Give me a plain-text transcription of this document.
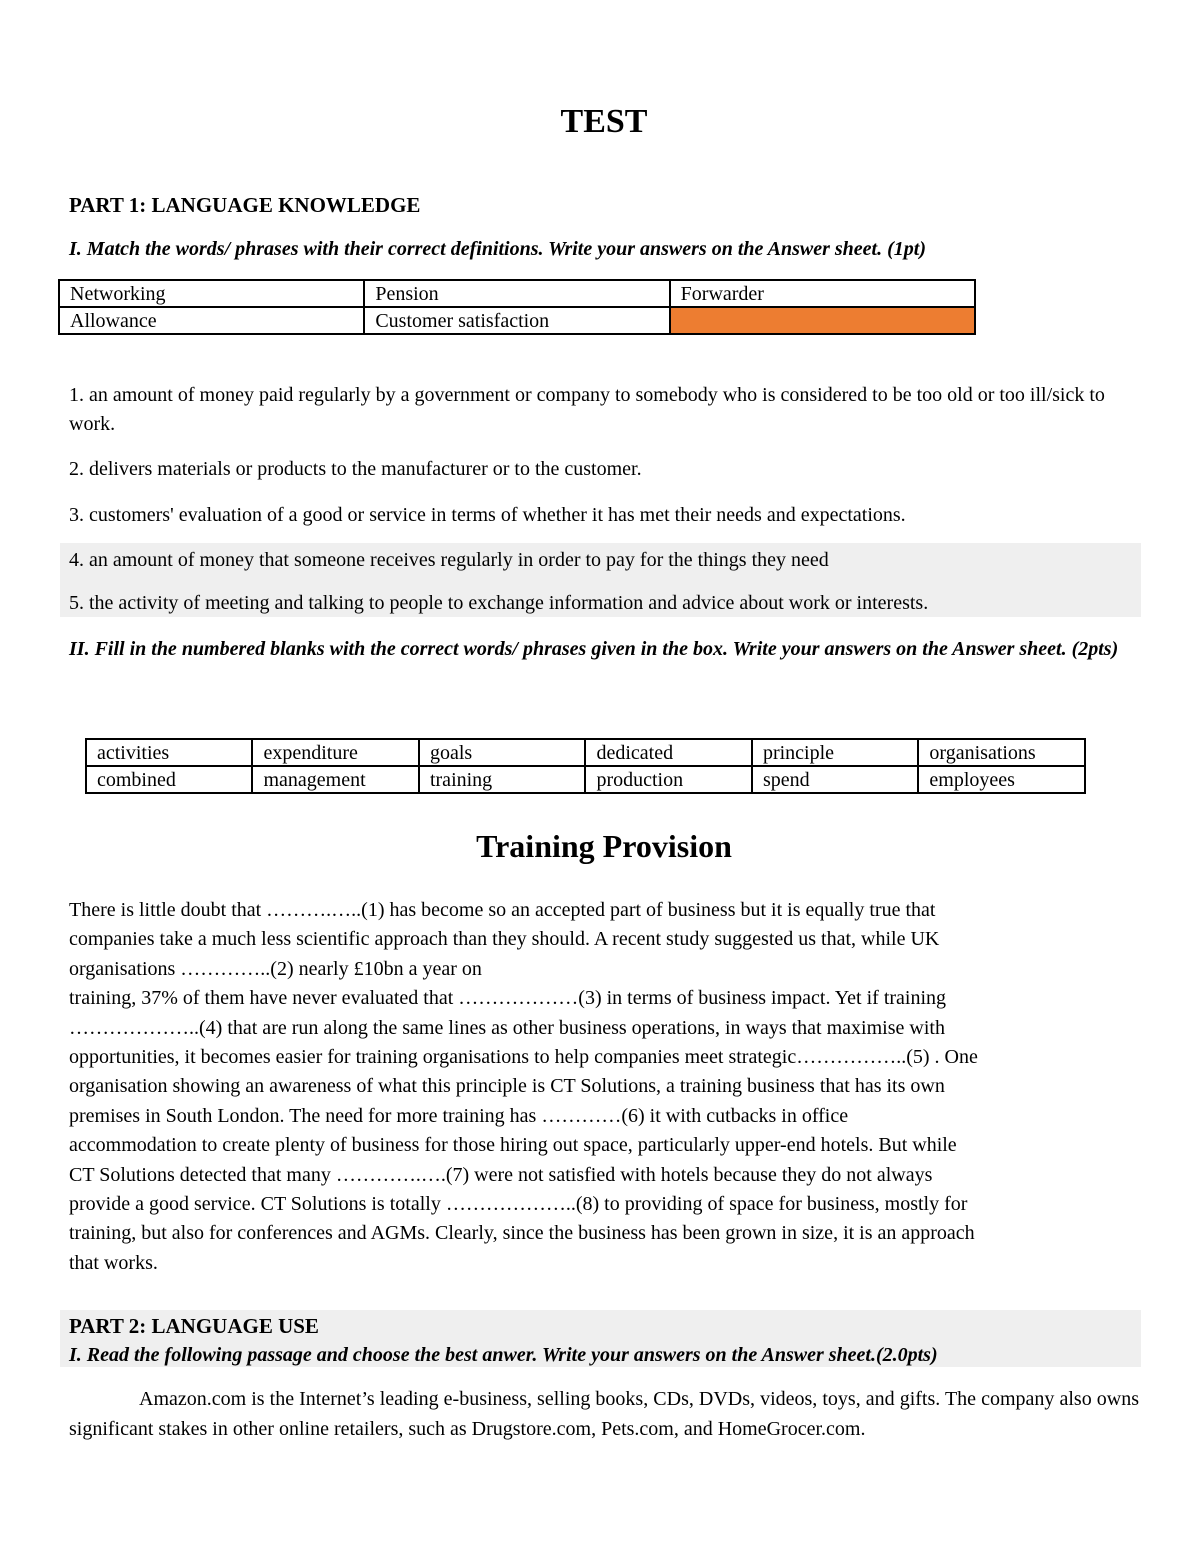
TEST
PART 1: LANGUAGE KNOWLEDGE
I. Match the words/ phrases with their correct definitions. Write your answers on the Answer sheet. (1pt)
Networking	Pension	Forwarder
Allowance	Customer satisfaction	
1. an amount of money paid regularly by a government or company to somebody who is considered to be too old or too ill/sick to work.
2. delivers materials or products to the manufacturer or to the customer.
3. customers' evaluation of a good or service in terms of whether it has met their needs and expectations.
4. an amount of money that someone receives regularly in order to pay for the things they need
5. the activity of meeting and talking to people to exchange information and advice about work or interests.
II. Fill in the numbered blanks with the correct words/ phrases given in the box. Write your answers on the Answer sheet. (2pts)
activities	expenditure	goals	dedicated	principle	organisations
combined	management	training	production	spend	employees
Training Provision
There is little doubt that ……….…..(1) has become so an accepted part of business but it is equally true that
companies take a much less scientific approach than they should. A recent study suggested us that, while UK
organisations …………..(2) nearly £10bn a year on
training, 37% of them have never evaluated that ………………(3) in terms of business impact. Yet if training
………………..(4) that are run along the same lines as other business operations, in ways that maximise with
opportunities, it becomes easier for training organisations to help companies meet strategic……………..(5) . One
organisation showing an awareness of what this principle is CT Solutions, a training business that has its own
premises in South London. The need for more training has …………(6) it with cutbacks in office
accommodation to create plenty of business for those hiring out space, particularly upper-end hotels. But while
CT Solutions detected that many ………….….(7) were not satisfied with hotels because they do not always
provide a good service. CT Solutions is totally ………………..(8) to providing of space for business, mostly for
training, but also for conferences and AGMs. Clearly, since the business has been grown in size, it is an approach
that works.
PART 2: LANGUAGE USE
I. Read the following passage and choose the best anwer. Write your answers on the Answer sheet.(2.0pts)
Amazon.com is the Internet’s leading e-business, selling books, CDs, DVDs, videos, toys, and gifts. The company also owns significant stakes in other online retailers, such as Drugstore.com, Pets.com, and HomeGrocer.com.
